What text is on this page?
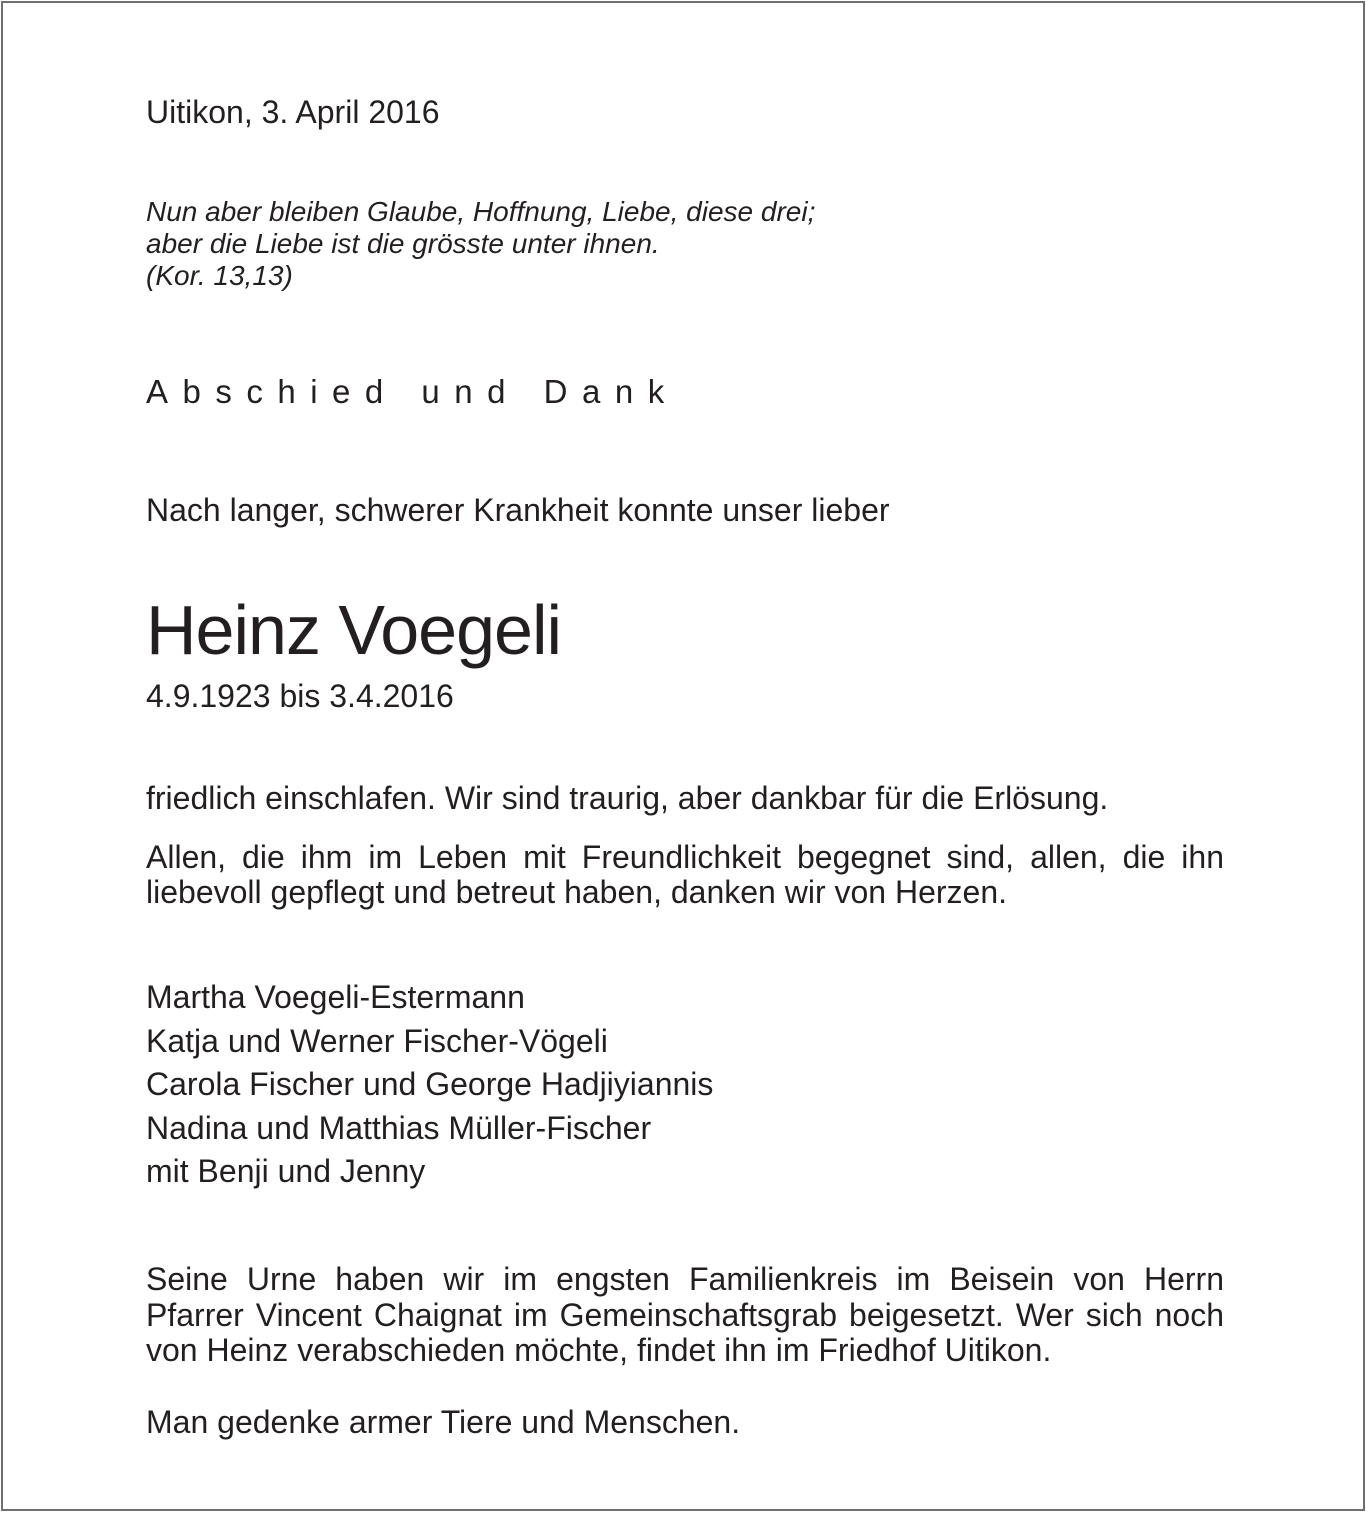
Uitikon, 3. April 2016

Nun aber bleiben Glaube, Hoffnung, Liebe, diese drei;
aber die Liebe ist die grösste unter ihnen.
(Kor. 13,13)
Abschied und Dank

Nach langer, schwerer Krankheit konnte unser lieber

Heinz Voegeli

4.9.1923 bis 3.4.2016

friedlich einschlafen. Wir sind traurig, aber dankbar für die Erlösung.

Allen, die ihm im Leben mit Freundlichkeit begegnet sind, allen, die ihn liebevoll gepflegt und betreut haben, danken wir von Herzen.

Martha Voegeli-Estermann
Katja und Werner Fischer-Vögeli
Carola Fischer und George Hadjiyiannis
Nadina und Matthias Müller-Fischer
mit Benji und Jenny

Seine Urne haben wir im engsten Familienkreis im Beisein von Herrn Pfarrer Vincent Chaignat im Gemeinschaftsgrab beigesetzt. Wer sich noch von Heinz verabschieden möchte, findet ihn im Friedhof Uitikon.

Man gedenke armer Tiere und Menschen.
